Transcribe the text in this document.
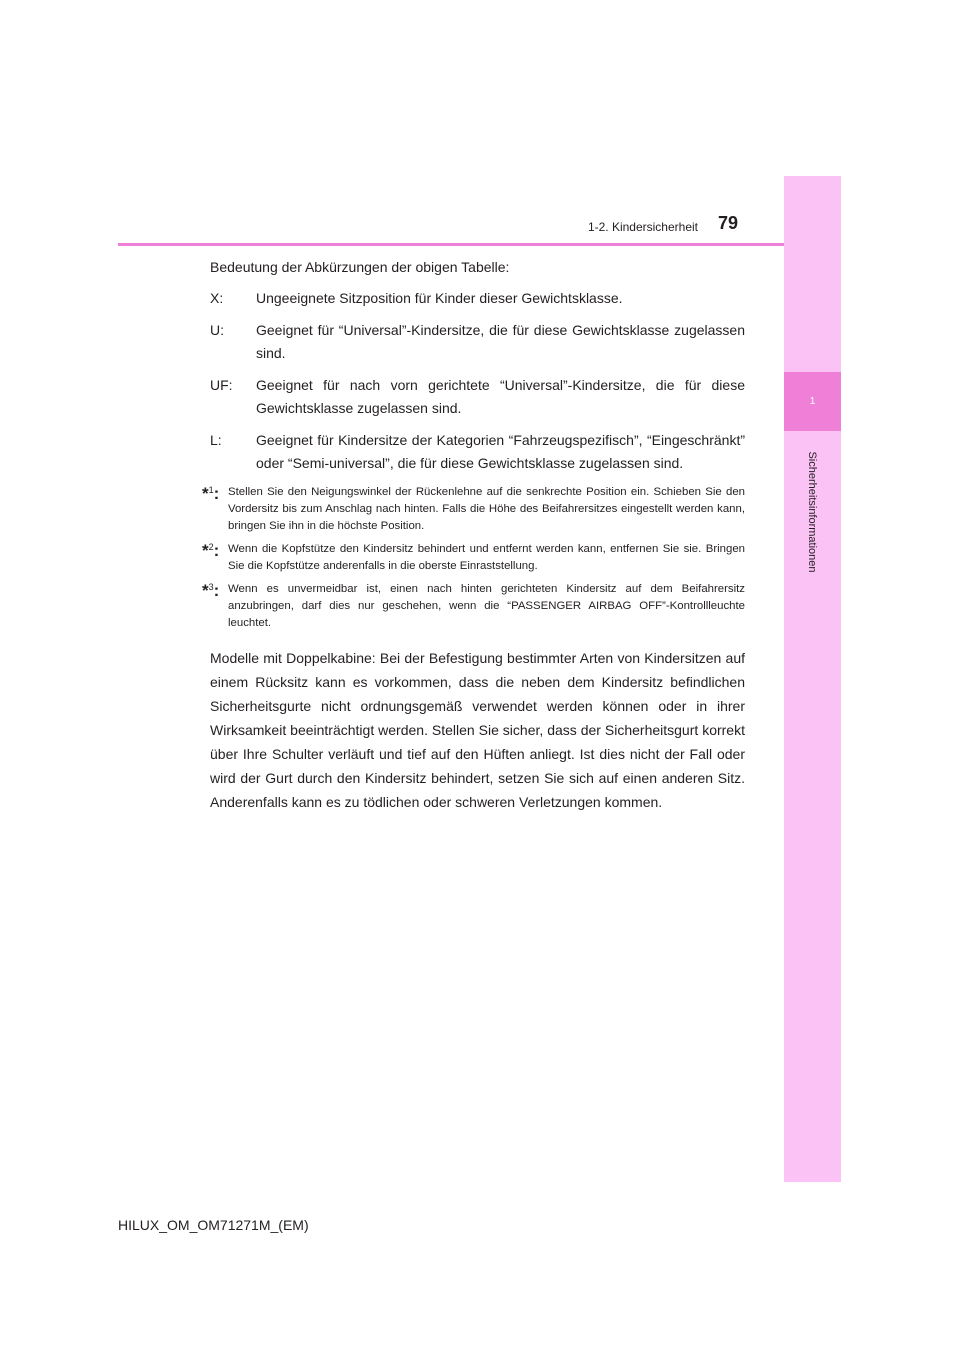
1
Sicherheitsinformationen
1-2. Kindersicherheit 79

Bedeutung der Abkürzungen der obigen Tabelle:

X:	Ungeeignete Sitzposition für Kinder dieser Gewichtsklasse.
U:	Geeignet für “Universal”-Kindersitze, die für diese Gewichtsklasse zugelassen sind.
UF:	Geeignet für nach vorn gerichtete “Universal”-Kindersitze, die für diese Gewichtsklasse zugelassen sind.
L:	Geeignet für Kindersitze der Kategorien “Fahrzeugspezifisch”, “Eingeschränkt” oder “Semi-universal”, die für diese Gewichtsklasse zugelassen sind.
*$^1$: Stellen Sie den Neigungswinkel der Rückenlehne auf die senkrechte Position ein. Schieben Sie den Vordersitz bis zum Anschlag nach hinten. Falls die Höhe des Beifahrersitzes eingestellt werden kann, bringen Sie ihn in die höchste Position.
*$^2$: Wenn die Kopfstütze den Kindersitz behindert und entfernt werden kann, entfernen Sie sie. Bringen Sie die Kopfstütze anderenfalls in die oberste Einraststellung.
*$^3$: Wenn es unvermeidbar ist, einen nach hinten gerichteten Kindersitz auf dem Beifahrersitz anzubringen, darf dies nur geschehen, wenn die “PASSENGER AIRBAG OFF”-Kontrollleuchte leuchtet.

Modelle mit Doppelkabine: Bei der Befestigung bestimmter Arten von Kindersitzen auf einem Rücksitz kann es vorkommen, dass die neben dem Kindersitz befindlichen Sicherheitsgurte nicht ordnungsgemäß verwendet werden können oder in ihrer Wirksamkeit beeinträchtigt werden. Stellen Sie sicher, dass der Sicherheitsgurt korrekt über Ihre Schulter verläuft und tief auf den Hüften anliegt. Ist dies nicht der Fall oder wird der Gurt durch den Kindersitz behindert, setzen Sie sich auf einen anderen Sitz. Anderenfalls kann es zu tödlichen oder schweren Verletzungen kommen.

HILUX_OM_OM71271M_(EM)
